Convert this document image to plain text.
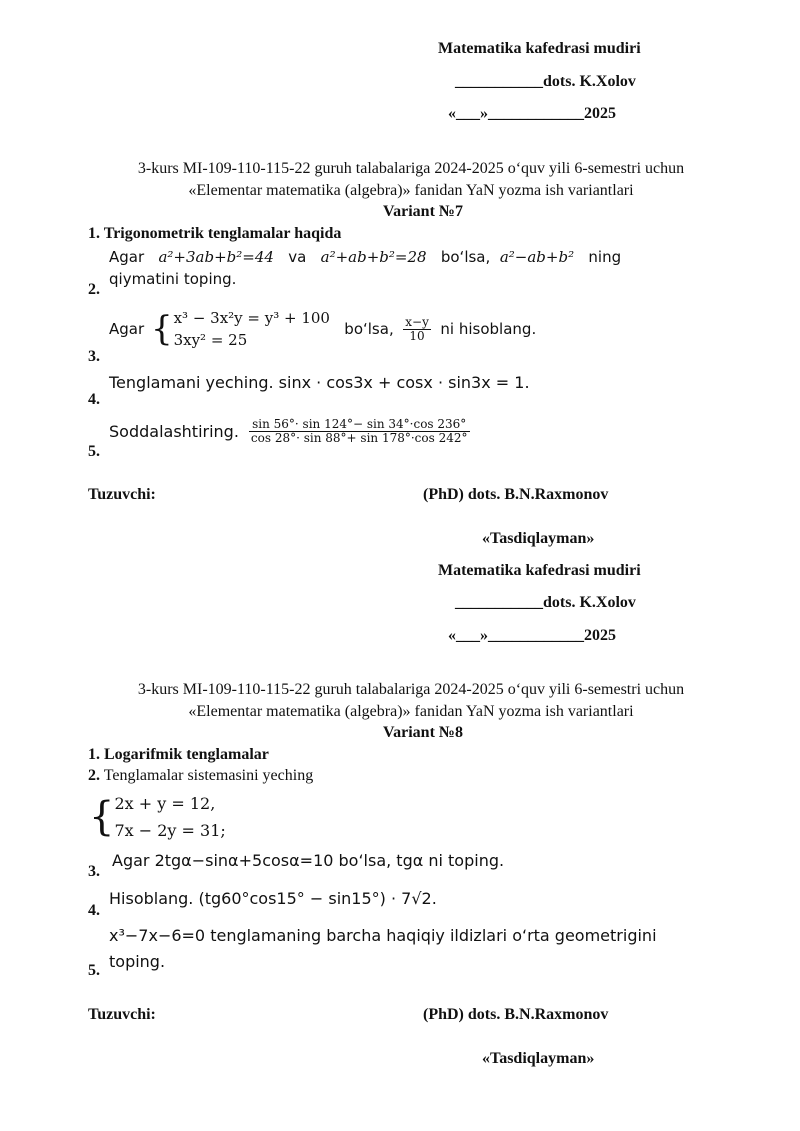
Matematika kafedrasi mudiri
___________dots. K.Xolov
«___»____________2025
3-kurs MI-109-110-115-22 guruh talabalariga 2024-2025 o‘quv yili 6-semestri uchun
«Elementar matematika (algebra)» fanidan YaN yozma ish variantlari
Variant №7
1. Trigonometrik tenglamalar haqida
Agar a²+3ab+b²=44 va a²+ab+b²=28 bo‘lsa, a²−ab+b² ning
qiymatini toping.
2.
Agar { x³ − 3x²y = y³ + 100
3xy² = 25
bo‘lsa, $\frac{x-y}{10}$ ni hisoblang.
3.
Tenglamani yeching. sinx · cos3x + cosx · sin3x = 1.
4.
Soddalashtiring. $\frac{\sin 56^\circ\cdot \sin 124^\circ- \sin 34^\circ\cdot\cos 236^\circ}{\cos 28^\circ\cdot \sin 88^\circ+ \sin 178^\circ\cdot\cos 242^\circ}$
5.
Tuzuvchi:	(PhD) dots. B.N.Raxmonov
«Tasdiqlayman»
Matematika kafedrasi mudiri
___________dots. K.Xolov
«___»____________2025
3-kurs MI-109-110-115-22 guruh talabalariga 2024-2025 o‘quv yili 6-semestri uchun
«Elementar matematika (algebra)» fanidan YaN yozma ish variantlari
Variant №8
1. Logarifmik tenglamalar
2. Tenglamalar sistemasini yeching
{ 2x + y = 12,
7x − 2y = 31;
Agar 2tgα−sinα+5cosα=10 bo‘lsa, tgα ni toping.
3.
Hisoblang. (tg60°cos15° − sin15°) · 7√2.
4.
x³−7x−6=0 tenglamaning barcha haqiqiy ildizlari o‘rta geometrigini
toping.
5.
Tuzuvchi:	(PhD) dots. B.N.Raxmonov
«Tasdiqlayman»
